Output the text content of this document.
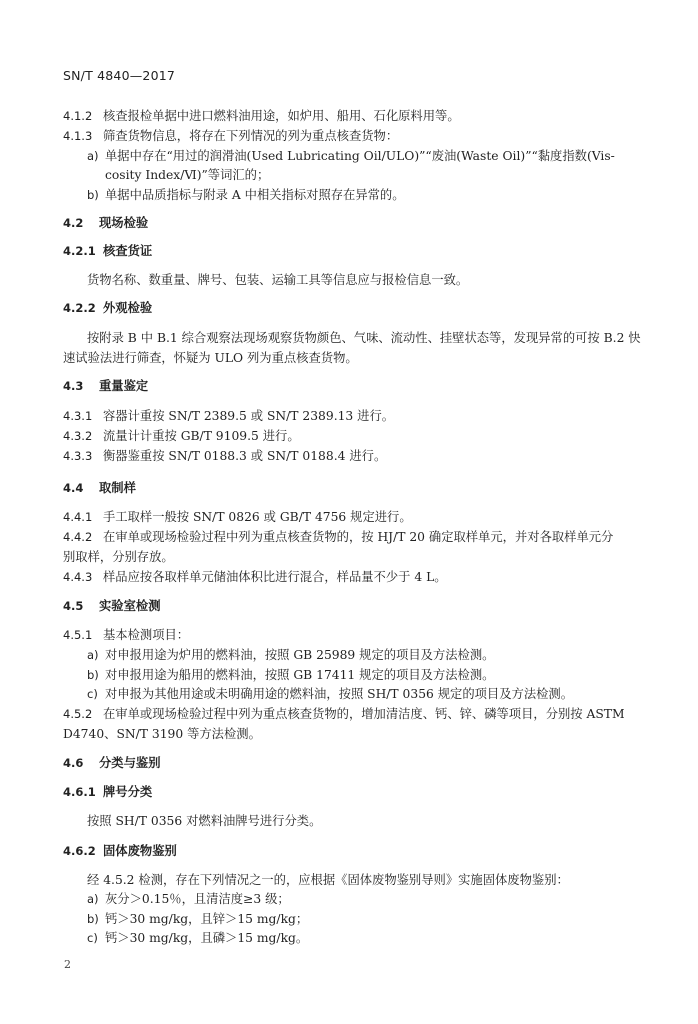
SN/T 4840—2017
4.1.2 核查报检单据中进口燃料油用途，如炉用、船用、石化原料用等。
4.1.3 筛查货物信息，将存在下列情况的列为重点核查货物：
a) 单据中存在“用过的润滑油(Used Lubricating Oil/ULO)”“废油(Waste Oil)”“黏度指数(Vis-
cosity Index/Ⅵ)”等词汇的；
b) 单据中品质指标与附录 A 中相关指标对照存在异常的。
4.2 现场检验
4.2.1 核查货证
货物名称、数重量、牌号、包装、运输工具等信息应与报检信息一致。
4.2.2 外观检验
按附录 B 中 B.1 综合观察法现场观察货物颜色、气味、流动性、挂壁状态等，发现异常的可按 B.2 快
速试验法进行筛查，怀疑为 ULO 列为重点核查货物。
4.3 重量鉴定
4.3.1 容器计重按 SN/T 2389.5 或 SN/T 2389.13 进行。
4.3.2 流量计计重按 GB/T 9109.5 进行。
4.3.3 衡器鉴重按 SN/T 0188.3 或 SN/T 0188.4 进行。
4.4 取制样
4.4.1 手工取样一般按 SN/T 0826 或 GB/T 4756 规定进行。
4.4.2 在审单或现场检验过程中列为重点核查货物的，按 HJ/T 20 确定取样单元，并对各取样单元分
别取样，分别存放。
4.4.3 样品应按各取样单元储油体积比进行混合，样品量不少于 4 L。
4.5 实验室检测
4.5.1 基本检测项目：
a) 对申报用途为炉用的燃料油，按照 GB 25989 规定的项目及方法检测。
b) 对申报用途为船用的燃料油，按照 GB 17411 规定的项目及方法检测。
c) 对申报为其他用途或未明确用途的燃料油，按照 SH/T 0356 规定的项目及方法检测。
4.5.2 在审单或现场检验过程中列为重点核查货物的，增加清洁度、钙、锌、磷等项目，分别按 ASTM
D4740、SN/T 3190 等方法检测。
4.6 分类与鉴别
4.6.1 牌号分类
按照 SH/T 0356 对燃料油牌号进行分类。
4.6.2 固体废物鉴别
经 4.5.2 检测，存在下列情况之一的，应根据《固体废物鉴别导则》实施固体废物鉴别：
a) 灰分＞0.15％，且清洁度≥3 级；
b) 钙＞30 mg/kg，且锌＞15 mg/kg；
c) 钙＞30 mg/kg，且磷＞15 mg/kg。
2
